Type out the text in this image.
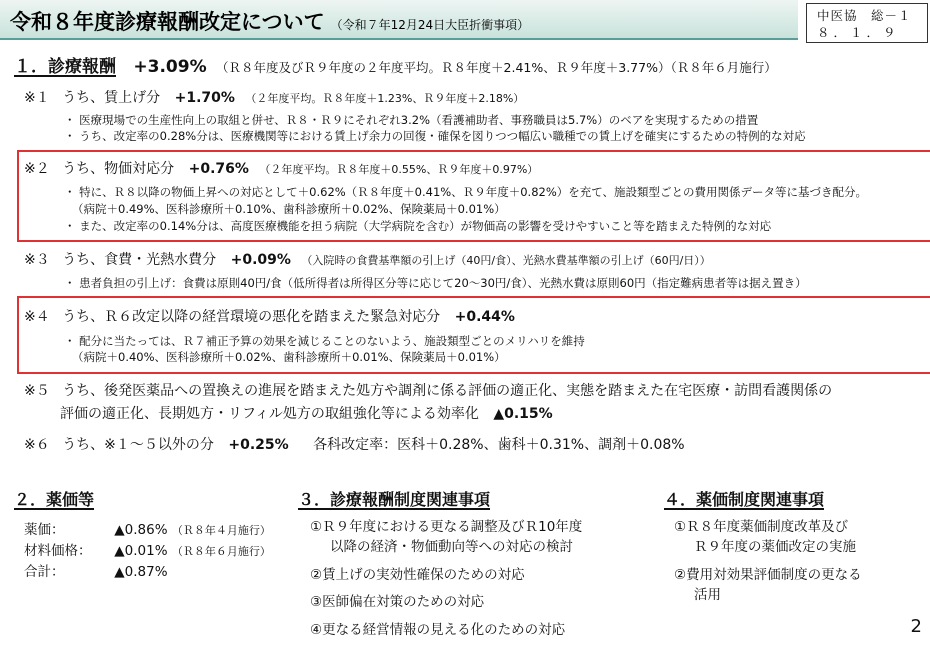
令和８年度診療報酬改定について （令和７年12月24日大臣折衝事項）
中医協　総－１
８．１．９
１．診療報酬 +3.09% （Ｒ８年度及びＲ９年度の２年度平均。Ｒ８年度＋2.41%、Ｒ９年度＋3.77%）（Ｒ８年６月施行）
※１ うち、賃上げ分 +1.70% （２年度平均。Ｒ８年度＋1.23%、Ｒ９年度＋2.18%）
・ 医療現場での生産性向上の取組と併せ、Ｒ８・Ｒ９にそれぞれ3.2%（看護補助者、事務職員は5.7%）のベアを実現するための措置
・ うち、改定率の0.28%分は、医療機関等における賃上げ余力の回復・確保を図りつつ幅広い職種での賃上げを確実にするための特例的な対応
※２ うち、物価対応分 +0.76% （２年度平均。Ｒ８年度＋0.55%、Ｒ９年度＋0.97%）
・ 特に、Ｒ８以降の物価上昇への対応として＋0.62%（Ｒ８年度＋0.41%、Ｒ９年度＋0.82%）を充て、施設類型ごとの費用関係データ等に基づき配分。
（病院＋0.49%、医科診療所＋0.10%、歯科診療所＋0.02%、保険薬局＋0.01%）
・ また、改定率の0.14%分は、高度医療機能を担う病院（大学病院を含む）が物価高の影響を受けやすいこと等を踏まえた特例的な対応
※３ うち、食費・光熱水費分 +0.09% （入院時の食費基準額の引上げ（40円/食）、光熱水費基準額の引上げ（60円/日））
・ 患者負担の引上げ：食費は原則40円/食（低所得者は所得区分等に応じて20～30円/食）、光熱水費は原則60円（指定難病患者等は据え置き）
※４ うち、Ｒ６改定以降の経営環境の悪化を踏まえた緊急対応分 +0.44%
・ 配分に当たっては、Ｒ７補正予算の効果を減じることのないよう、施設類型ごとのメリハリを維持
（病院＋0.40%、医科診療所＋0.02%、歯科診療所＋0.01%、保険薬局＋0.01%）
※５ うち、後発医薬品への置換えの進展を踏まえた処方や調剤に係る評価の適正化、実態を踏まえた在宅医療・訪問看護関係の
評価の適正化、長期処方・リフィル処方の取組強化等による効率化 ▲0.15%
※６ うち、※１～５以外の分 +0.25% 各科改定率：医科＋0.28%、歯科＋0.31%、調剤＋0.08%
２．薬価等
薬価：	▲0.86% （Ｒ８年４月施行）
材料価格： ▲0.01% （Ｒ８年６月施行）
合計：	▲0.87%
３．診療報酬制度関連事項
①Ｒ９年度における更なる調整及びＲ10年度
以降の経済・物価動向等への対応の検討
②賃上げの実効性確保のための対応
③医師偏在対策のための対応
④更なる経営情報の見える化のための対応
４．薬価制度関連事項
①Ｒ８年度薬価制度改革及び
Ｒ９年度の薬価改定の実施
②費用対効果評価制度の更なる
活用
2
